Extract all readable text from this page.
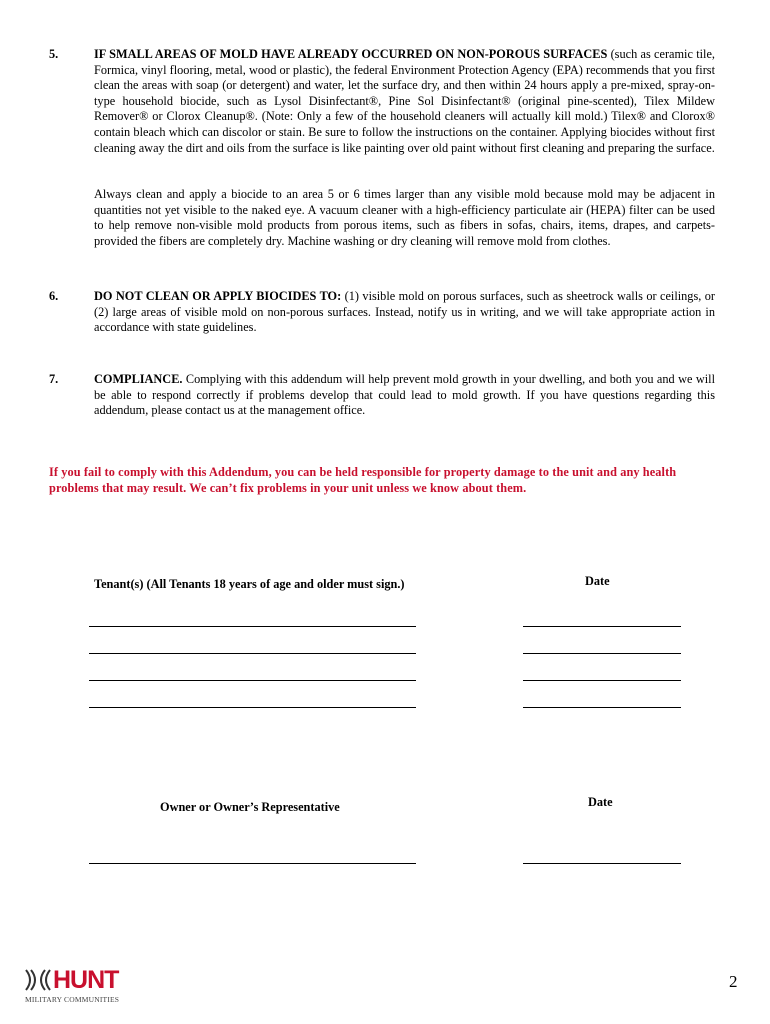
5.	IF SMALL AREAS OF MOLD HAVE ALREADY OCCURRED ON NON-POROUS SURFACES (such as ceramic tile, Formica, vinyl flooring, metal, wood or plastic), the federal Environment Protection Agency (EPA) recommends that you first clean the areas with soap (or detergent) and water, let the surface dry, and then within 24 hours apply a pre-mixed, spray-on-type household biocide, such as Lysol Disinfectant®, Pine Sol Disinfectant® (original pine-scented), Tilex Mildew Remover® or Clorox Cleanup®. (Note: Only a few of the household cleaners will actually kill mold.) Tilex® and Clorox® contain bleach which can discolor or stain. Be sure to follow the instructions on the container. Applying biocides without first cleaning away the dirt and oils from the surface is like painting over old paint without first cleaning and preparing the surface.
Always clean and apply a biocide to an area 5 or 6 times larger than any visible mold because mold may be adjacent in quantities not yet visible to the naked eye. A vacuum cleaner with a high-efficiency particulate air (HEPA) filter can be used to help remove non-visible mold products from porous items, such as fibers in sofas, chairs, items, drapes, and carpets- provided the fibers are completely dry. Machine washing or dry cleaning will remove mold from clothes.
6.	DO NOT CLEAN OR APPLY BIOCIDES TO: (1) visible mold on porous surfaces, such as sheetrock walls or ceilings, or (2) large areas of visible mold on non-porous surfaces. Instead, notify us in writing, and we will take appropriate action in accordance with state guidelines.
7.	COMPLIANCE. Complying with this addendum will help prevent mold growth in your dwelling, and both you and we will be able to respond correctly if problems develop that could lead to mold growth. If you have questions regarding this addendum, please contact us at the management office.
If you fail to comply with this Addendum, you can be held responsible for property damage to the unit and any health problems that may result. We can’t fix problems in your unit unless we know about them.
Tenant(s) (All Tenants 18 years of age and older must sign.)	Date
Owner or Owner’s Representative	Date
HUNT
MILITARY COMMUNITIES
2
